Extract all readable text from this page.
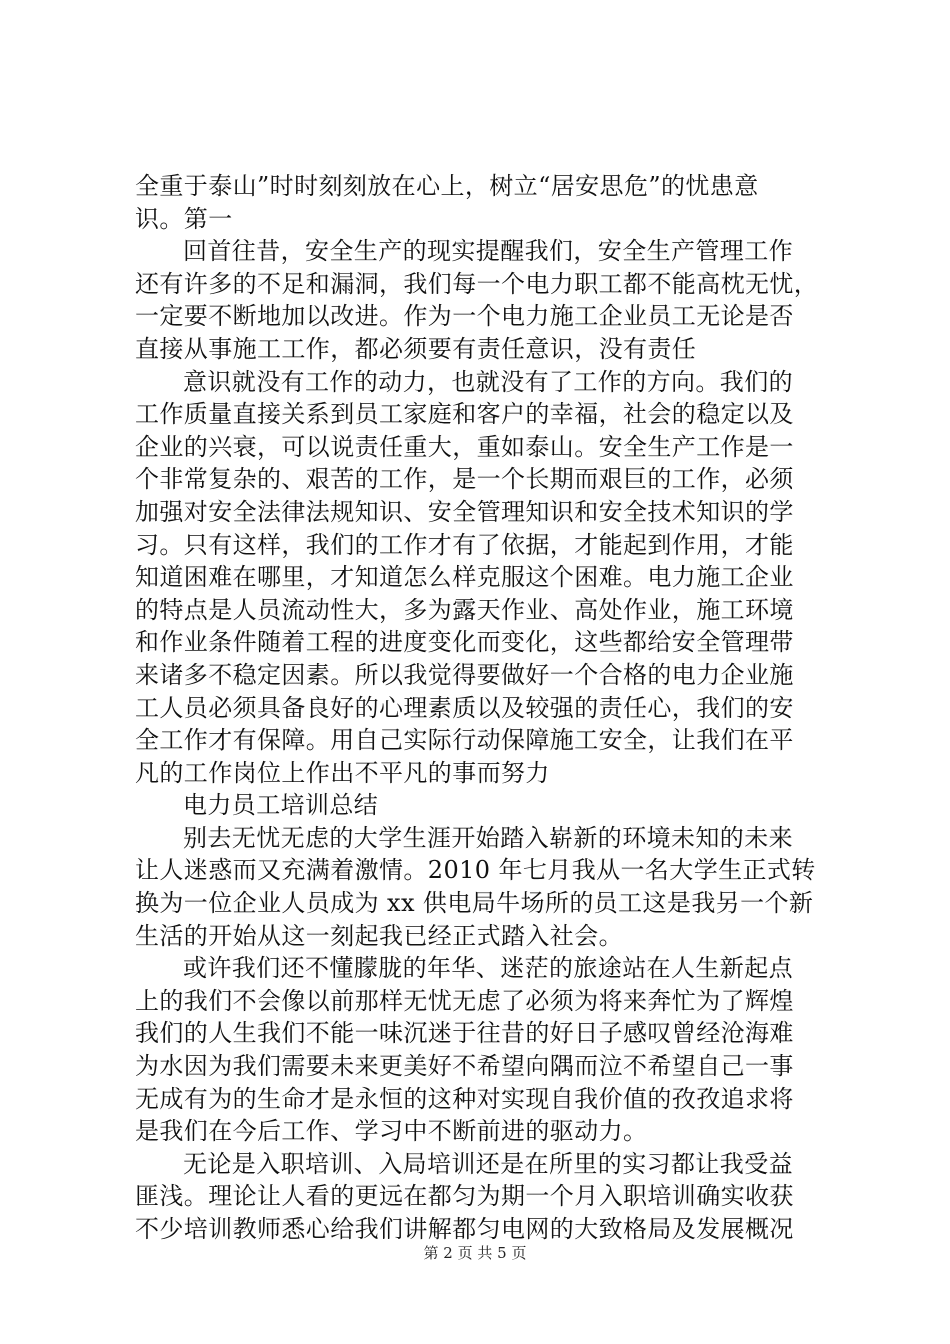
全重于泰山”时时刻刻放在心上，树立“居安思危”的忧患意
识。第一
回首往昔，安全生产的现实提醒我们，安全生产管理工作
还有许多的不足和漏洞，我们每一个电力职工都不能高枕无忧，
一定要不断地加以改进。作为一个电力施工企业员工无论是否
直接从事施工工作，都必须要有责任意识，没有责任
意识就没有工作的动力，也就没有了工作的方向。我们的
工作质量直接关系到员工家庭和客户的幸福，社会的稳定以及
企业的兴衰，可以说责任重大，重如泰山。安全生产工作是一
个非常复杂的、艰苦的工作，是一个长期而艰巨的工作，必须
加强对安全法律法规知识、安全管理知识和安全技术知识的学
习。只有这样，我们的工作才有了依据，才能起到作用，才能
知道困难在哪里，才知道怎么样克服这个困难。电力施工企业
的特点是人员流动性大，多为露天作业、高处作业，施工环境
和作业条件随着工程的进度变化而变化，这些都给安全管理带
来诸多不稳定因素。所以我觉得要做好一个合格的电力企业施
工人员必须具备良好的心理素质以及较强的责任心，我们的安
全工作才有保障。用自己实际行动保障施工安全，让我们在平
凡的工作岗位上作出不平凡的事而努力
电力员工培训总结
别去无忧无虑的大学生涯开始踏入崭新的环境未知的未来
让人迷惑而又充满着激情。2010 年七月我从一名大学生正式转
换为一位企业人员成为 xx 供电局牛场所的员工这是我另一个新
生活的开始从这一刻起我已经正式踏入社会。
或许我们还不懂朦胧的年华、迷茫的旅途站在人生新起点
上的我们不会像以前那样无忧无虑了必须为将来奔忙为了辉煌
我们的人生我们不能一味沉迷于往昔的好日子感叹曾经沧海难
为水因为我们需要未来更美好不希望向隅而泣不希望自己一事
无成有为的生命才是永恒的这种对实现自我价值的孜孜追求将
是我们在今后工作、学习中不断前进的驱动力。
无论是入职培训、入局培训还是在所里的实习都让我受益
匪浅。理论让人看的更远在都匀为期一个月入职培训确实收获
不少培训教师悉心给我们讲解都匀电网的大致格局及发展概况
第 2 页 共 5 页
